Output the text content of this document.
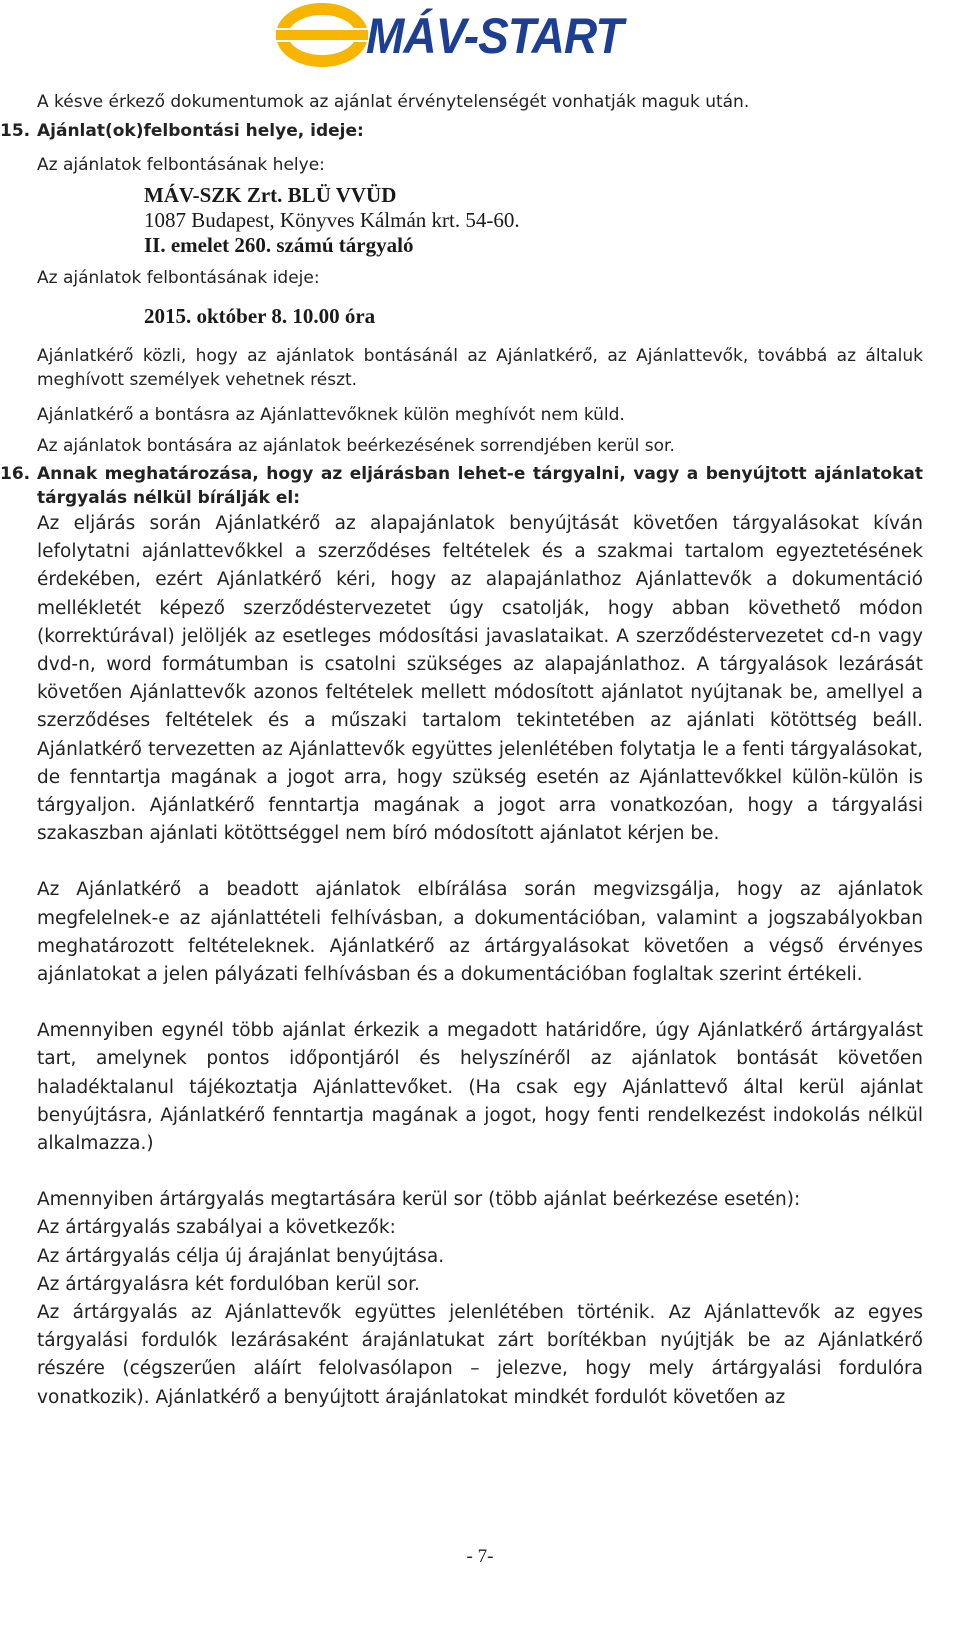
MÁV-START
A késve érkező dokumentumok az ajánlat érvénytelenségét vonhatják maguk után.
15. Ajánlat(ok)felbontási helye, ideje:
Az ajánlatok felbontásának helye:
MÁV-SZK Zrt. BLÜ VVÜD
1087 Budapest, Könyves Kálmán krt. 54-60.
II. emelet 260. számú tárgyaló
Az ajánlatok felbontásának ideje:
2015. október 8. 10.00 óra
Ajánlatkérő közli, hogy az ajánlatok bontásánál az Ajánlatkérő, az Ajánlattevők, továbbá az általuk meghívott személyek vehetnek részt.
Ajánlatkérő a bontásra az Ajánlattevőknek külön meghívót nem küld.
Az ajánlatok bontására az ajánlatok beérkezésének sorrendjében kerül sor.
16. Annak meghatározása, hogy az eljárásban lehet-e tárgyalni, vagy a benyújtott ajánlatokat tárgyalás nélkül bírálják el:
Az eljárás során Ajánlatkérő az alapajánlatok benyújtását követően tárgyalásokat kíván lefolytatni ajánlattevőkkel a szerződéses feltételek és a szakmai tartalom egyeztetésének érdekében, ezért Ajánlatkérő kéri, hogy az alapajánlathoz Ajánlattevők a dokumentáció mellékletét képező szerződéstervezetet úgy csatolják, hogy abban követhető módon (korrektúrával) jelöljék az esetleges módosítási javaslataikat. A szerződéstervezetet cd-n vagy dvd-n, word formátumban is csatolni szükséges az alapajánlathoz. A tárgyalások lezárását követően Ajánlattevők azonos feltételek mellett módosított ajánlatot nyújtanak be, amellyel a szerződéses feltételek és a műszaki tartalom tekintetében az ajánlati kötöttség beáll. Ajánlatkérő tervezetten az Ajánlattevők együttes jelenlétében folytatja le a fenti tárgyalásokat, de fenntartja magának a jogot arra, hogy szükség esetén az Ajánlattevőkkel külön-külön is tárgyaljon. Ajánlatkérő fenntartja magának a jogot arra vonatkozóan, hogy a tárgyalási szakaszban ajánlati kötöttséggel nem bíró módosított ajánlatot kérjen be.
Az Ajánlatkérő a beadott ajánlatok elbírálása során megvizsgálja, hogy az ajánlatok megfelelnek-e az ajánlattételi felhívásban, a dokumentációban, valamint a jogszabályokban meghatározott feltételeknek. Ajánlatkérő az ártárgyalásokat követően a végső érvényes ajánlatokat a jelen pályázati felhívásban és a dokumentációban foglaltak szerint értékeli.
Amennyiben egynél több ajánlat érkezik a megadott határidőre, úgy Ajánlatkérő ártárgyalást tart, amelynek pontos időpontjáról és helyszínéről az ajánlatok bontását követően haladéktalanul tájékoztatja Ajánlattevőket. (Ha csak egy Ajánlattevő által kerül ajánlat benyújtásra, Ajánlatkérő fenntartja magának a jogot, hogy fenti rendelkezést indokolás nélkül alkalmazza.)
Amennyiben ártárgyalás megtartására kerül sor (több ajánlat beérkezése esetén):
Az ártárgyalás szabályai a következők:
Az ártárgyalás célja új árajánlat benyújtása.
Az ártárgyalásra két fordulóban kerül sor.
Az ártárgyalás az Ajánlattevők együttes jelenlétében történik. Az Ajánlattevők az egyes tárgyalási fordulók lezárásaként árajánlatukat zárt borítékban nyújtják be az Ajánlatkérő részére (cégszerűen aláírt felolvasólapon – jelezve, hogy mely ártárgyalási fordulóra vonatkozik). Ajánlatkérő a benyújtott árajánlatokat mindkét fordulót követően az
- 7-
